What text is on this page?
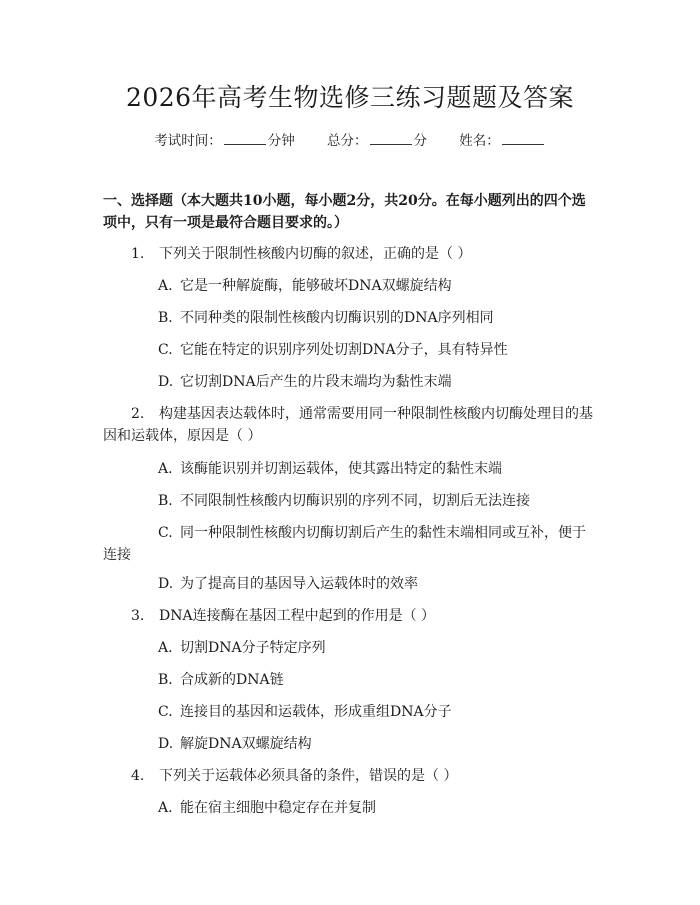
2026年高考生物选修三练习题题及答案
考试时间：	分钟 总分：	分 姓名：
一、选择题（本大题共10小题，每小题2分，共20分。在每小题列出的四个选项中，只有一项是最符合题目要求的。）
1. 下列关于限制性核酸内切酶的叙述，正确的是（ ）
A. 它是一种解旋酶，能够破坏DNA双螺旋结构
B. 不同种类的限制性核酸内切酶识别的DNA序列相同
C. 它能在特定的识别序列处切割DNA分子，具有特异性
D. 它切割DNA后产生的片段末端均为黏性末端
2. 构建基因表达载体时，通常需要用同一种限制性核酸内切酶处理目的基因和运载体，原因是（ ）
A. 该酶能识别并切割运载体，使其露出特定的黏性末端
B. 不同限制性核酸内切酶识别的序列不同，切割后无法连接
C. 同一种限制性核酸内切酶切割后产生的黏性末端相同或互补，便于连接
D. 为了提高目的基因导入运载体时的效率
3. DNA连接酶在基因工程中起到的作用是（ ）
A. 切割DNA分子特定序列
B. 合成新的DNA链
C. 连接目的基因和运载体，形成重组DNA分子
D. 解旋DNA双螺旋结构
4. 下列关于运载体必须具备的条件，错误的是（ ）
A. 能在宿主细胞中稳定存在并复制
